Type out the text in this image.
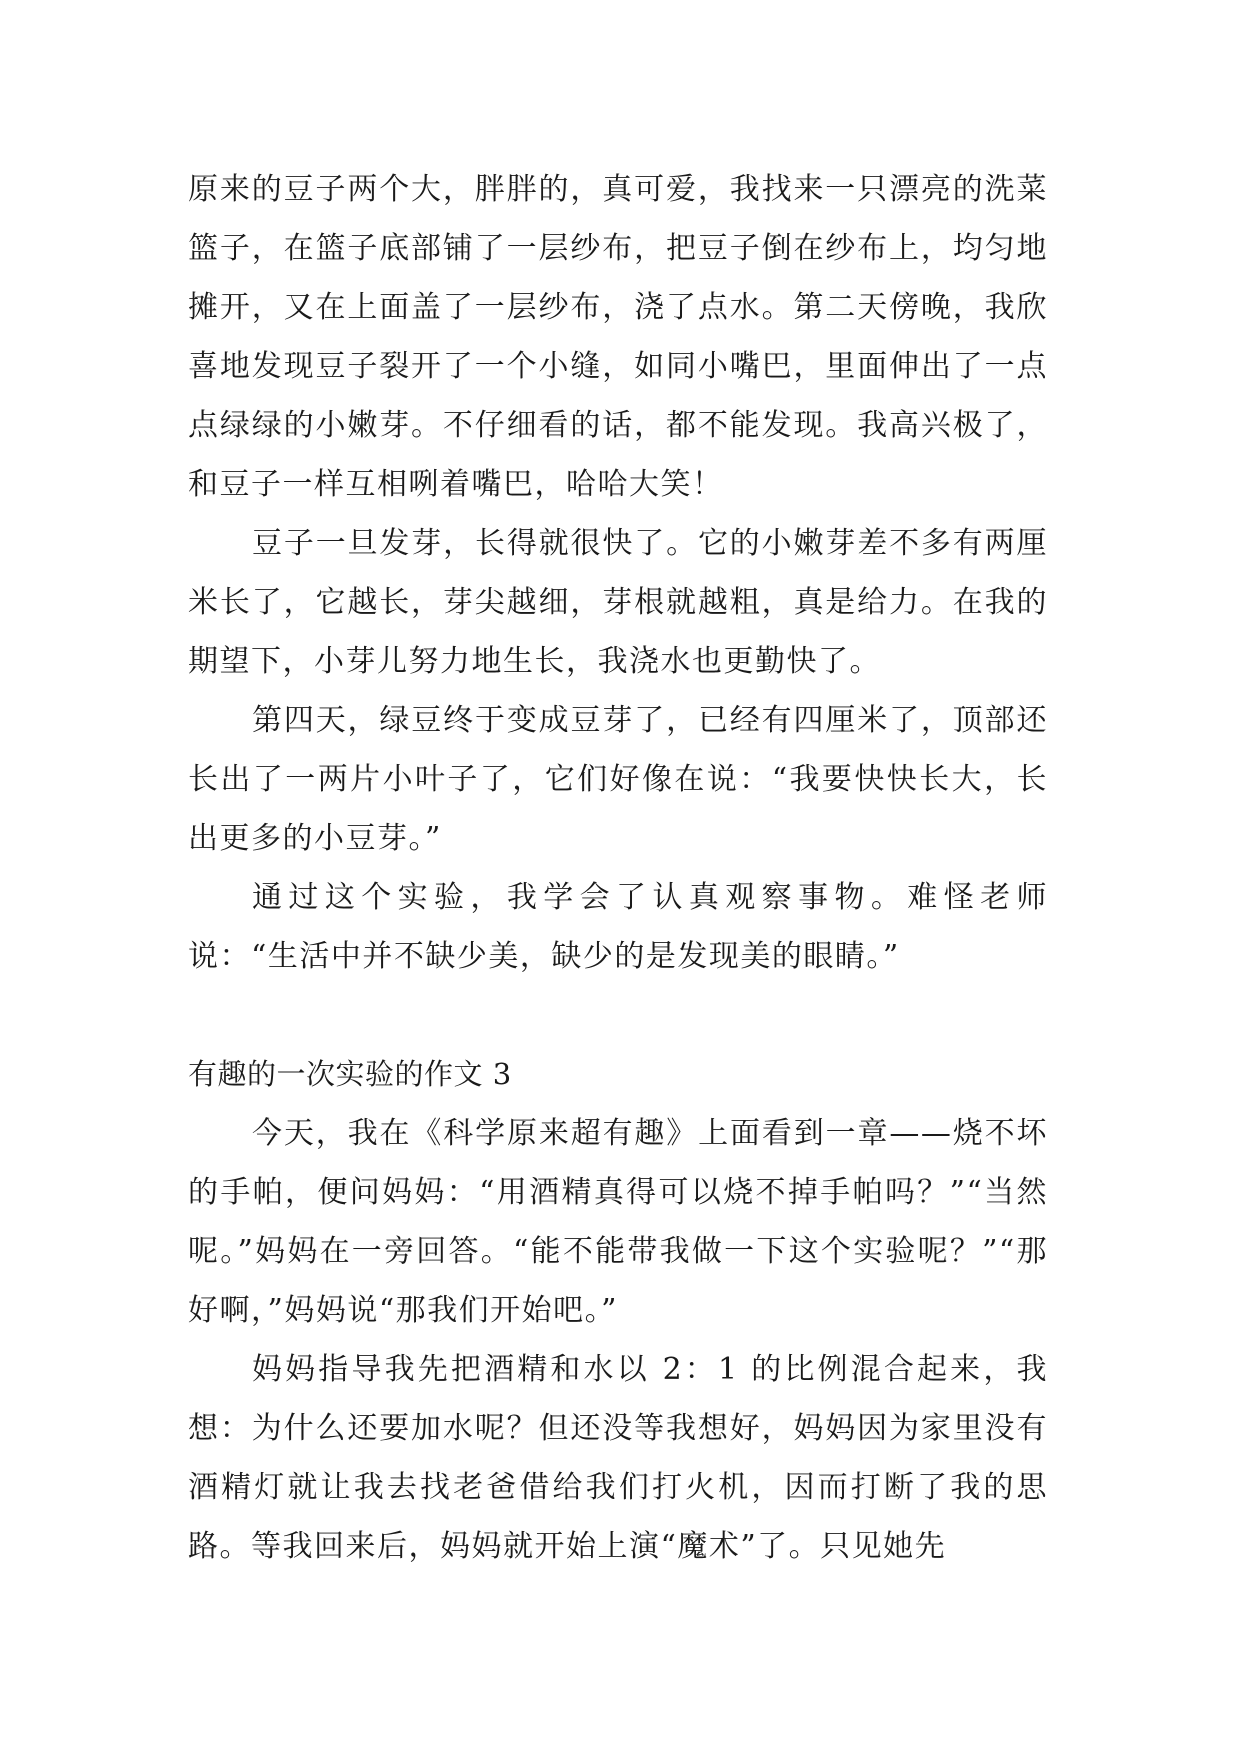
原来的豆子两个大，胖胖的，真可爱，我找来一只漂亮的洗菜篮子，在篮子底部铺了一层纱布，把豆子倒在纱布上，均匀地摊开，又在上面盖了一层纱布，浇了点水。第二天傍晚，我欣喜地发现豆子裂开了一个小缝，如同小嘴巴，里面伸出了一点点绿绿的小嫩芽。不仔细看的话，都不能发现。我高兴极了，和豆子一样互相咧着嘴巴，哈哈大笑！

豆子一旦发芽，长得就很快了。它的小嫩芽差不多有两厘米长了，它越长，芽尖越细，芽根就越粗，真是给力。在我的期望下，小芽儿努力地生长，我浇水也更勤快了。

第四天，绿豆终于变成豆芽了，已经有四厘米了，顶部还长出了一两片小叶子了，它们好像在说：“我要快快长大，长出更多的小豆芽。”

通过这个实验，我学会了认真观察事物。难怪老师说：“生活中并不缺少美，缺少的是发现美的眼睛。”

有趣的一次实验的作文 3

今天，我在《科学原来超有趣》上面看到一章——烧不坏的手帕，便问妈妈：“用酒精真得可以烧不掉手帕吗？”“当然呢。”妈妈在一旁回答。“能不能带我做一下这个实验呢？”“那好啊，”妈妈说“那我们开始吧。”

妈妈指导我先把酒精和水以 2：1 的比例混合起来，我想：为什么还要加水呢？但还没等我想好，妈妈因为家里没有酒精灯就让我去找老爸借给我们打火机，因而打断了我的思路。等我回来后，妈妈就开始上演“魔术”了。只见她先
